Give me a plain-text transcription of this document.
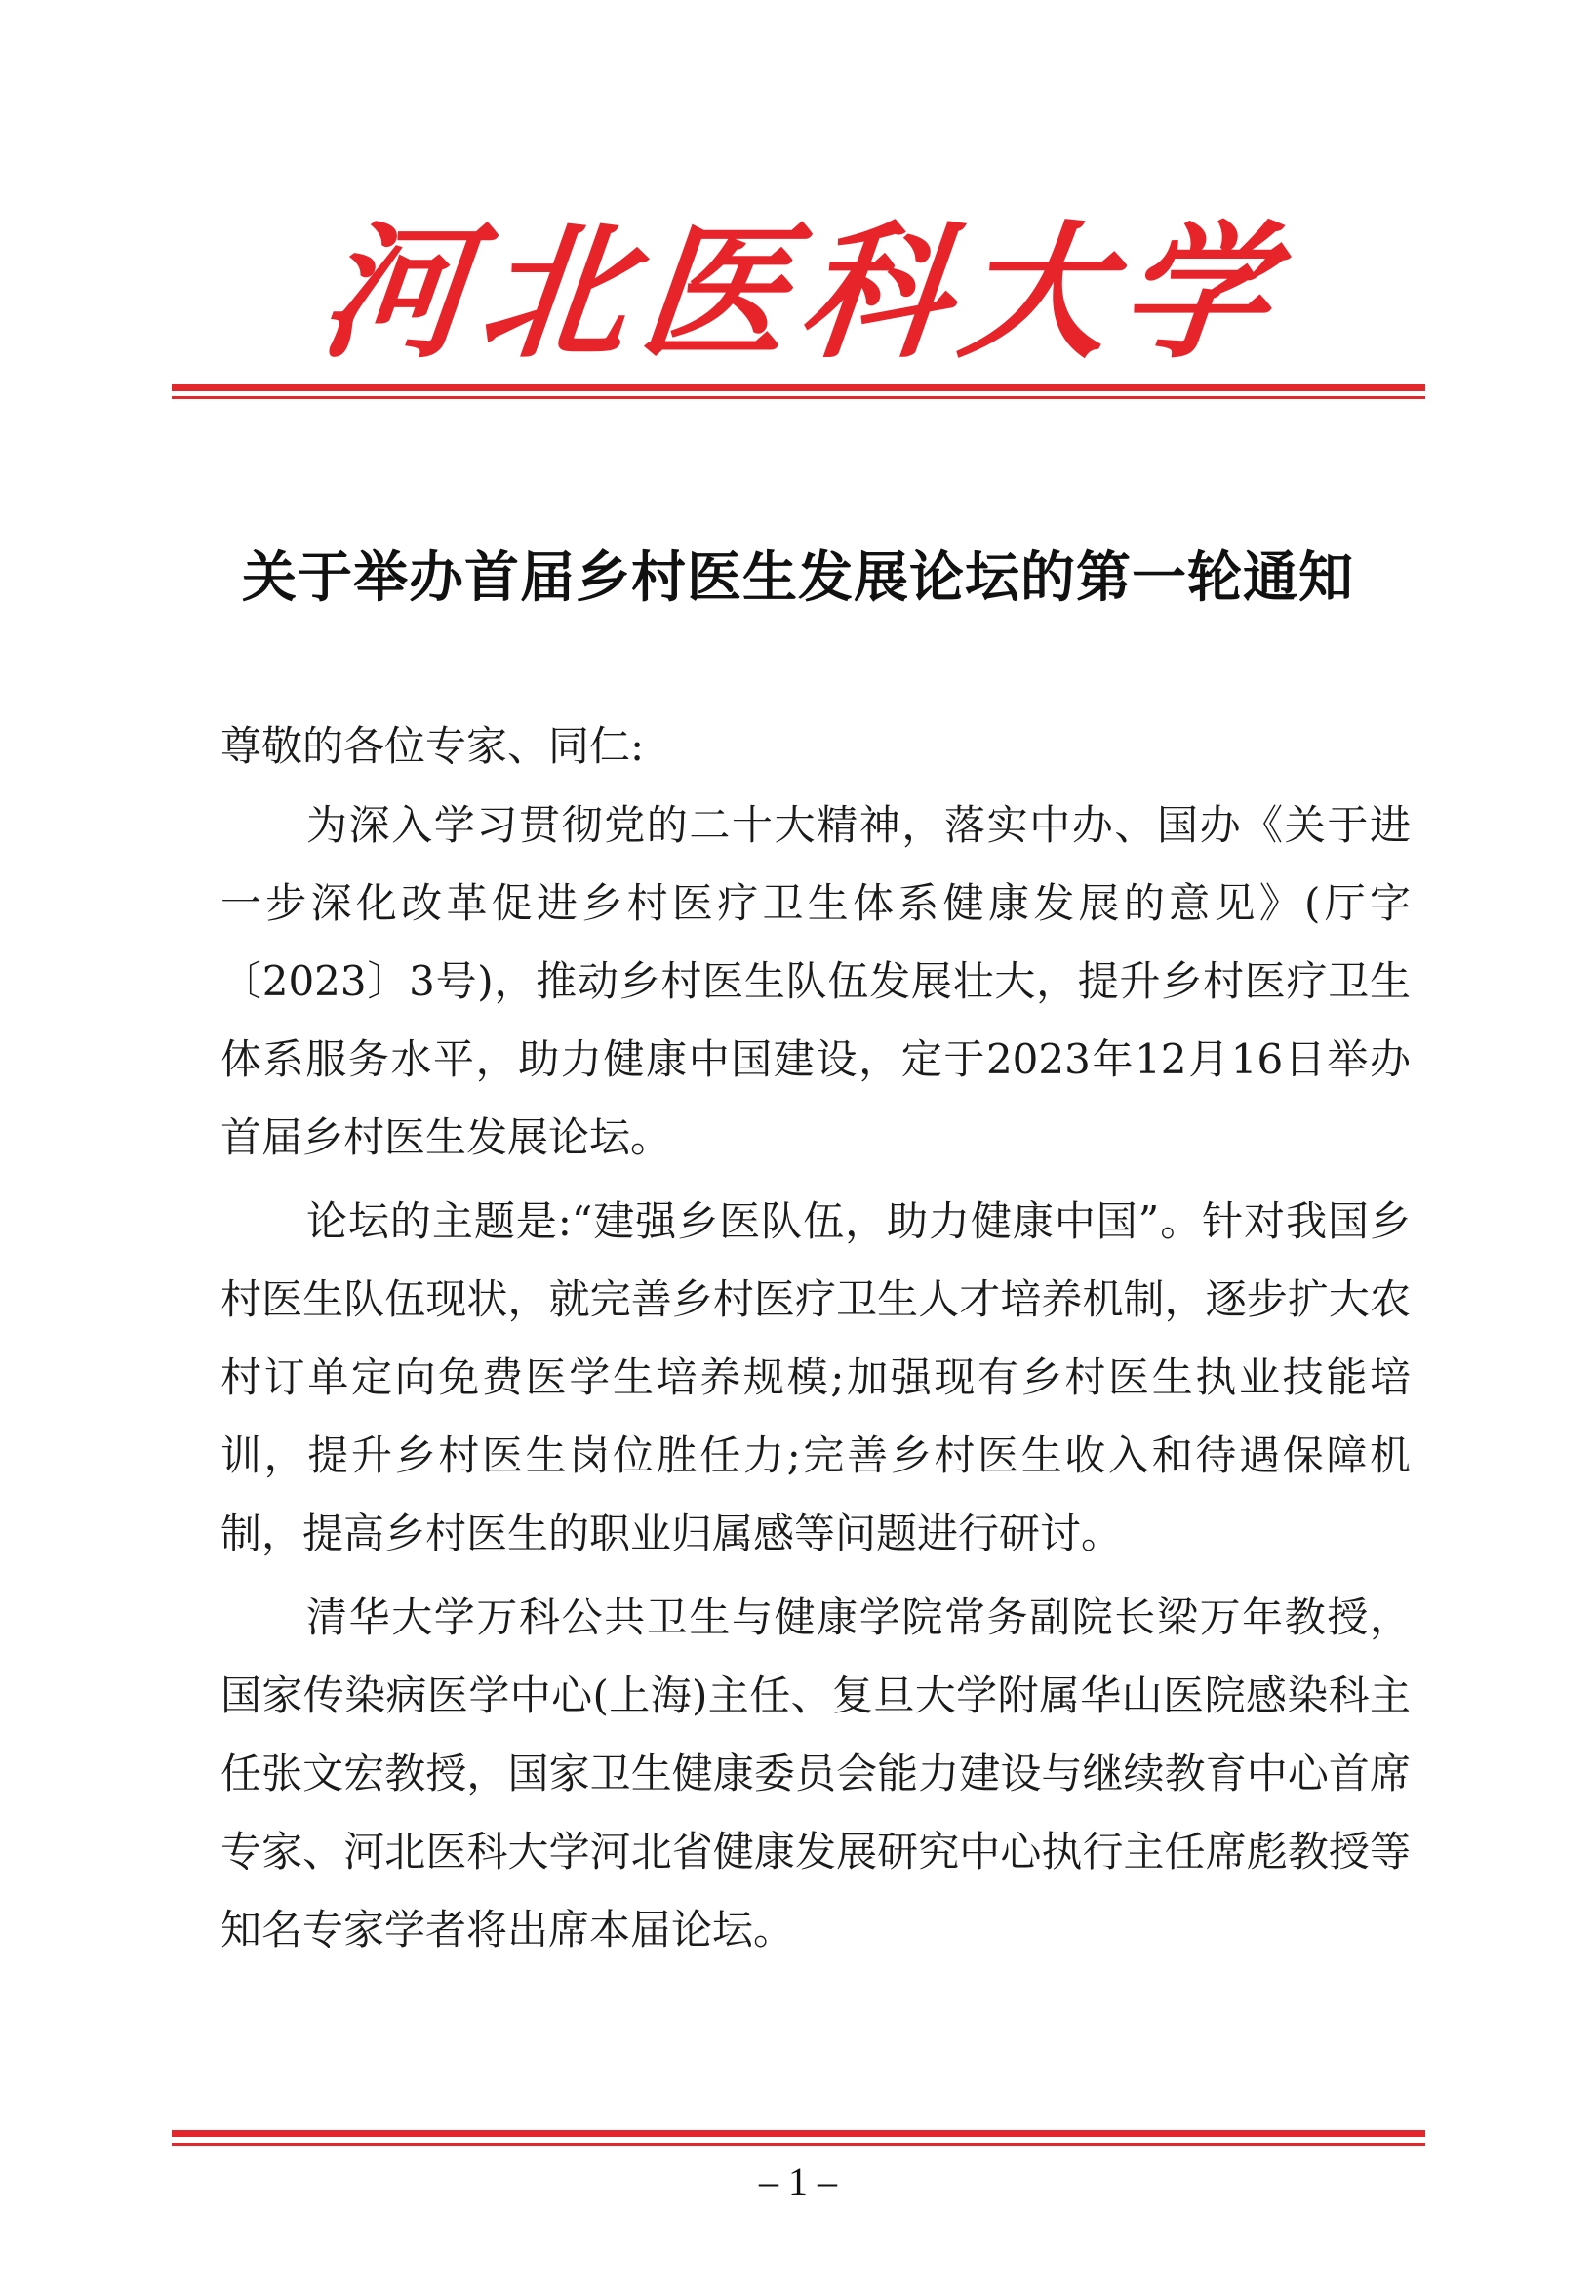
河
北
医
科
大
学
关于举办首届乡村医生发展论坛的第一轮通知
尊敬的各位专家、同仁:

为深入学习贯彻党的二十大精神，落实中办、国办《关于进一步深化改革促进乡村医疗卫生体系健康发展的意见》(厅字〔2023〕3号)，推动乡村医生队伍发展壮大，提升乡村医疗卫生体系服务水平，助力健康中国建设，定于2023年12月16日举办首届乡村医生发展论坛。

论坛的主题是:“建强乡医队伍，助力健康中国”。针对我国乡村医生队伍现状，就完善乡村医疗卫生人才培养机制，逐步扩大农村订单定向免费医学生培养规模;加强现有乡村医生执业技能培训，提升乡村医生岗位胜任力;完善乡村医生收入和待遇保障机制，提高乡村医生的职业归属感等问题进行研讨。

清华大学万科公共卫生与健康学院常务副院长梁万年教授，国家传染病医学中心(上海)主任、复旦大学附属华山医院感染科主任张文宏教授，国家卫生健康委员会能力建设与继续教育中心首席专家、河北医科大学河北省健康发展研究中心执行主任席彪教授等知名专家学者将出席本届论坛。

– 1 –
